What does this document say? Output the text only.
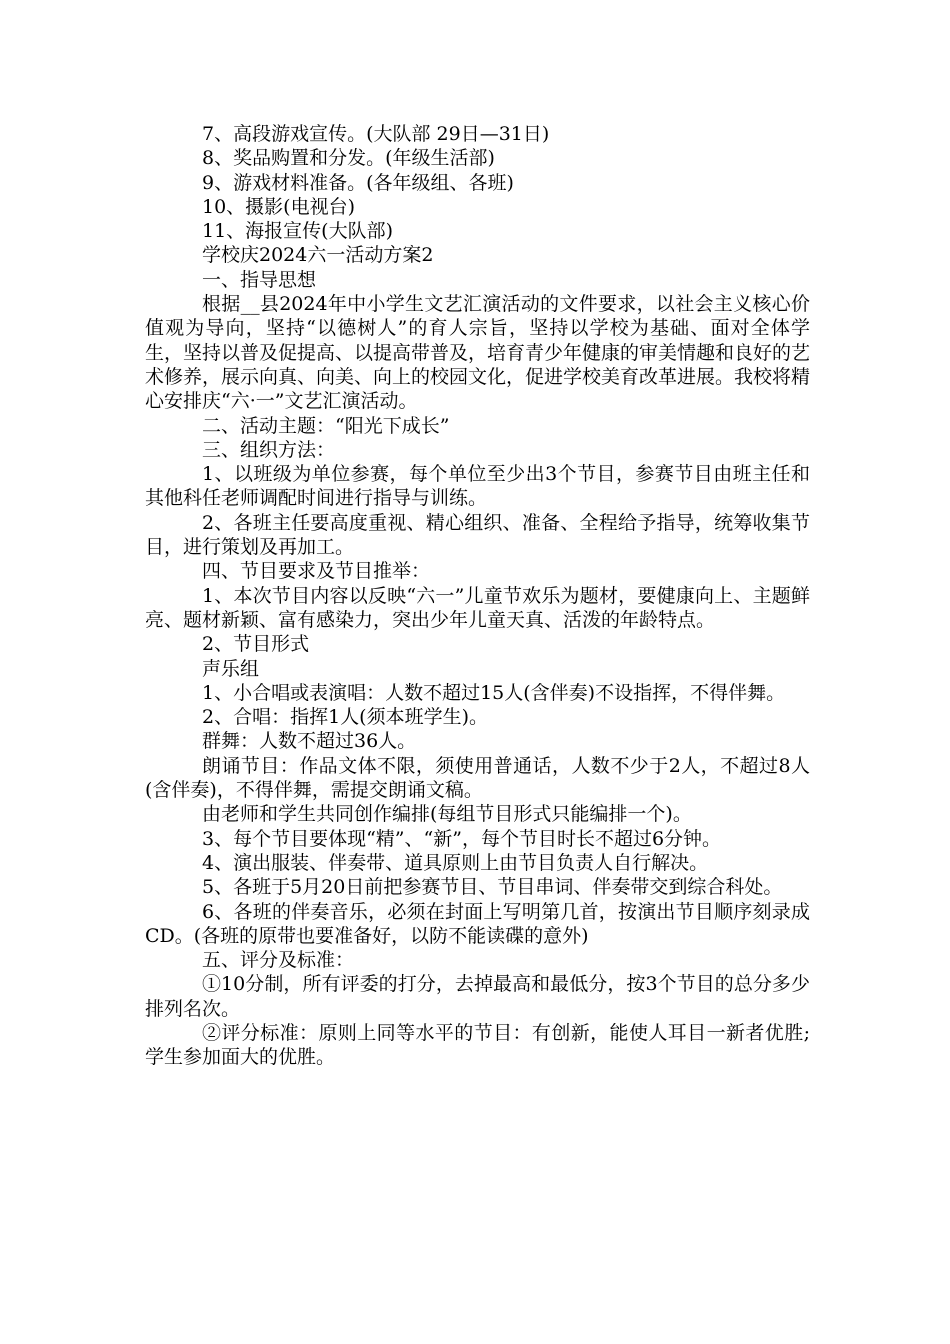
7、高段游戏宣传。(大队部 29日—31日)

8、奖品购置和分发。(年级生活部)

9、游戏材料准备。(各年级组、各班)

10、摄影(电视台)

11、海报宣传(大队部)

学校庆2024六一活动方案2

一、指导思想

根据__县2024年中小学生文艺汇演活动的文件要求，以社会主义核心价值观为导向，坚持“以德树人”的育人宗旨，坚持以学校为基础、面对全体学生，坚持以普及促提高、以提高带普及，培育青少年健康的审美情趣和良好的艺术修养，展示向真、向美、向上的校园文化，促进学校美育改革进展。我校将精心安排庆“六·一”文艺汇演活动。

二、活动主题：“阳光下成长”

三、组织方法：

1、以班级为单位参赛，每个单位至少出3个节目，参赛节目由班主任和其他科任老师调配时间进行指导与训练。

2、各班主任要高度重视、精心组织、准备、全程给予指导，统筹收集节目，进行策划及再加工。

四、节目要求及节目推举：

1、本次节目内容以反映“六一”儿童节欢乐为题材，要健康向上、主题鲜亮、题材新颖、富有感染力，突出少年儿童天真、活泼的年龄特点。

2、节目形式

声乐组

1、小合唱或表演唱：人数不超过15人(含伴奏)不设指挥，不得伴舞。

2、合唱：指挥1人(须本班学生)。

群舞：人数不超过36人。

朗诵节目：作品文体不限，须使用普通话，人数不少于2人，不超过8人(含伴奏)，不得伴舞，需提交朗诵文稿。

由老师和学生共同创作编排(每组节目形式只能编排一个)。

3、每个节目要体现“精”、“新”，每个节目时长不超过6分钟。

4、演出服装、伴奏带、道具原则上由节目负责人自行解决。

5、各班于5月20日前把参赛节目、节目串词、伴奏带交到综合科处。

6、各班的伴奏音乐，必须在封面上写明第几首，按演出节目顺序刻录成CD。(各班的原带也要准备好，以防不能读碟的意外)

五、评分及标准：

①10分制，所有评委的打分，去掉最高和最低分，按3个节目的总分多少排列名次。

②评分标准：原则上同等水平的节目：有创新，能使人耳目一新者优胜;学生参加面大的优胜。
